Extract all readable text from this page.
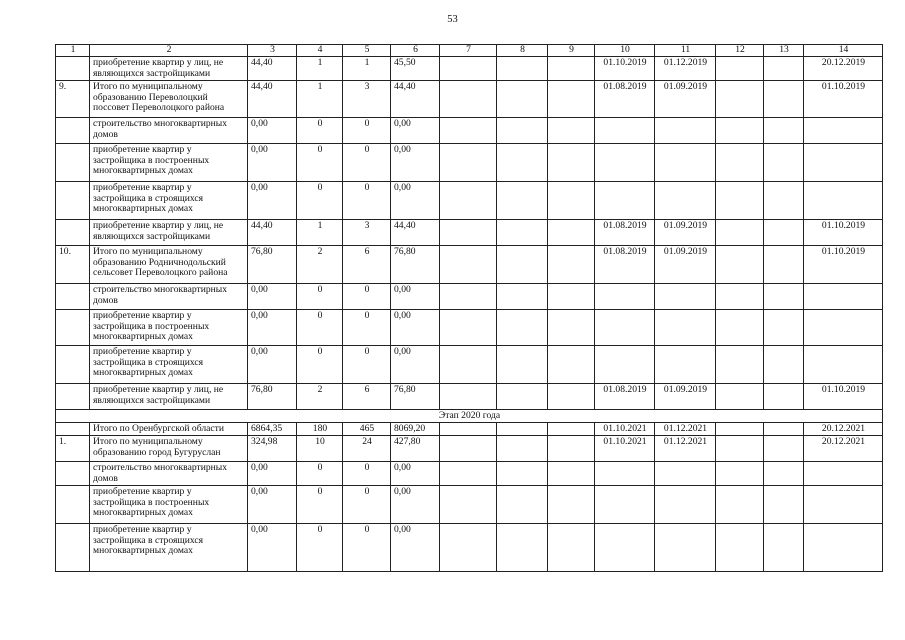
53
1	2	3	4	5	6	7	8	9	10	11	12	13	14
	приобретение квартир у лиц, не являющихся застройщиками	44,40	1	1	45,50				01.10.2019	01.12.2019			20.12.2019
9.	Итого по муниципальному образованию Переволоцкий поссовет Переволоцкого района	44,40	1	3	44,40				01.08.2019	01.09.2019			01.10.2019
	строительство многоквартирных домов	0,00	0	0	0,00								
	приобретение квартир у застройщика в построенных многоквартирных домах	0,00	0	0	0,00								
	приобретение квартир у застройщика в строящихся многоквартирных домах	0,00	0	0	0,00								
	приобретение квартир у лиц, не являющихся застройщиками	44,40	1	3	44,40				01.08.2019	01.09.2019			01.10.2019
10.	Итого по муниципальному образованию Родничнодольский сельсовет Переволоцкого района	76,80	2	6	76,80				01.08.2019	01.09.2019			01.10.2019
	строительство многоквартирных домов	0,00	0	0	0,00								
	приобретение квартир у застройщика в построенных многоквартирных домах	0,00	0	0	0,00								
	приобретение квартир у застройщика в строящихся многоквартирных домах	0,00	0	0	0,00								
	приобретение квартир у лиц, не являющихся застройщиками	76,80	2	6	76,80				01.08.2019	01.09.2019			01.10.2019
Этап 2020 года													
	Итого по Оренбургской области	6864,35	180	465	8069,20				01.10.2021	01.12.2021			20.12.2021
1.	Итого по муниципальному образованию город Бугуруслан	324,98	10	24	427,80				01.10.2021	01.12.2021			20.12.2021
	строительство многоквартирных домов	0,00	0	0	0,00								
	приобретение квартир у застройщика в построенных многоквартирных домах	0,00	0	0	0,00								
	приобретение квартир у застройщика в строящихся многоквартирных домах	0,00	0	0	0,00								
